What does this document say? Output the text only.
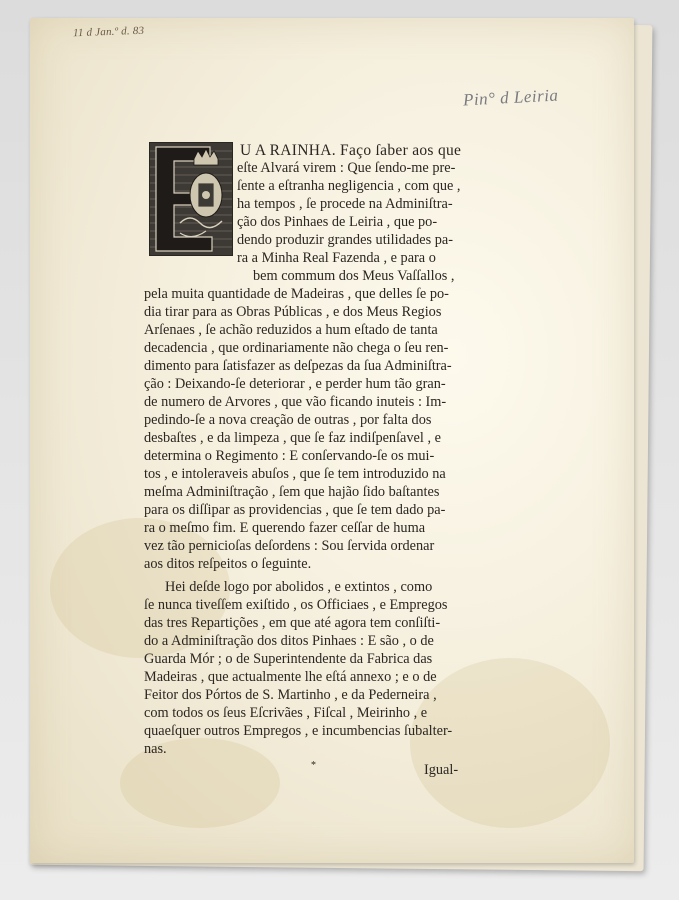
11 d Jan.º d. 83
Pin° d Leiria
U A RAINHA. Faço ſaber aos que
eſte Alvará virem : Que ſendo-me pre-
ſente a eſtranha negligencia , com que ,
ha tempos , ſe procede na Adminiſtra-
ção dos Pinhaes de Leiria , que po-
dendo produzir grandes utilidades pa-
ra a Minha Real Fazenda , e para o
bem commum dos Meus Vaſſallos ,
pela muita quantidade de Madeiras , que delles ſe po-
dia tirar para as Obras Públicas , e dos Meus Regios
Arſenaes , ſe achão reduzidos a hum eſtado de tanta
decadencia , que ordinariamente não chega o ſeu ren-
dimento para ſatisfazer as deſpezas da ſua Adminiſtra-
ção : Deixando-ſe deteriorar , e perder hum tão gran-
de numero de Arvores , que vão ficando inuteis : Im-
pedindo-ſe a nova creação de outras , por falta dos
desbaſtes , e da limpeza , que ſe faz indiſpenſavel , e
determina o Regimento : E conſervando-ſe os mui-
tos , e intoleraveis abuſos , que ſe tem introduzido na
meſma Adminiſtração , ſem que hajão ſido baſtantes
para os diſſipar as providencias , que ſe tem dado pa-
ra o meſmo fim. E querendo fazer ceſſar de huma
vez tão pernicioſas deſordens : Sou ſervida ordenar
aos ditos reſpeitos o ſeguinte.
Hei deſde logo por abolidos , e extintos , como
ſe nunca tiveſſem exiſtido , os Officiaes , e Empregos
das tres Repartições , em que até agora tem conſiſti-
do a Adminiſtração dos ditos Pinhaes : E são , o de
Guarda Mór ; o de Superintendente da Fabrica das
Madeiras , que actualmente lhe eſtá annexo ; e o de
Feitor dos Pórtos de S. Martinho , e da Pederneira ,
com todos os ſeus Eſcrivães , Fiſcal , Meirinho , e
quaeſquer outros Empregos , e incumbencias ſubalter-
nas.
*	Igual-
